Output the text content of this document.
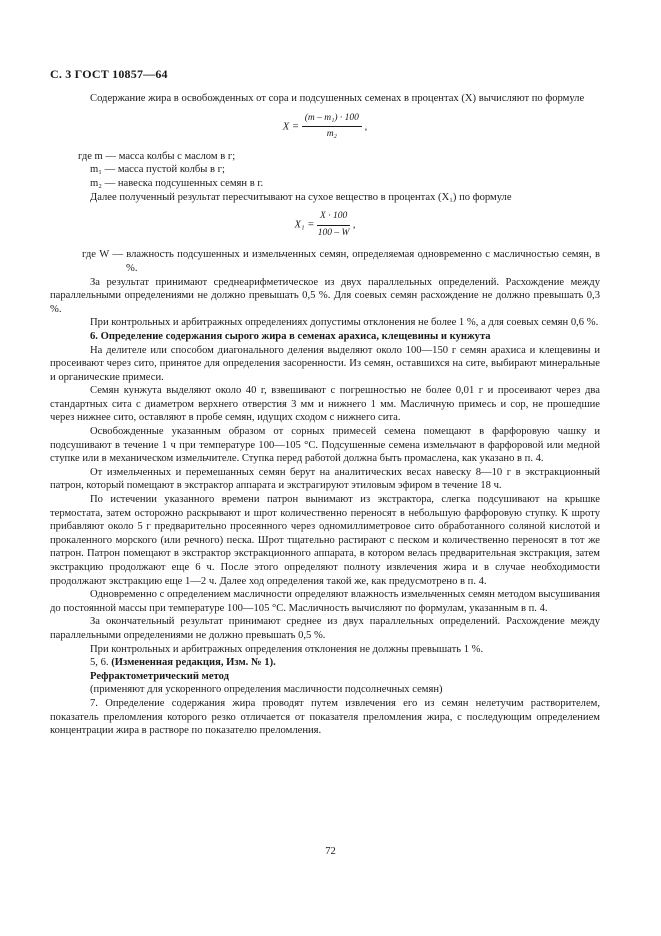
С. 3 ГОСТ 10857—64

Содержание жира в освобожденных от сора и подсушенных семенах в процентах (X) вычисляют по формуле

$X = \frac{\text{(m – m₁) · 100}}{\text{m₂}}$ ,

где m — масса колбы с маслом в г;

m₁ — масса пустой колбы в г;

m₂ — навеска подсушенных семян в г.

Далее полученный результат пересчитывают на сухое вещество в процентах (X₁) по формуле

$X_1 = \frac{X \cdot 100}{100 - W}$ ,

где W — влажность подсушенных и измельченных семян, определяемая одновременно с масличностью семян, в %.

За результат принимают среднеарифметическое из двух параллельных определений. Расхождение между параллельными определениями не должно превышать 0,5 %. Для соевых семян расхождение не должно превышать 0,3 %.

При контрольных и арбитражных определениях допустимы отклонения не более 1 %, а для соевых семян 0,6 %.

6. Определение содержания сырого жира в семенах арахиса, клещевины и кунжута

На делителе или способом диагонального деления выделяют около 100—150 г семян арахиса и клещевины и просеивают через сито, принятое для определения засоренности. Из семян, оставшихся на сите, выбирают минеральные и органические примеси.

Семян кунжута выделяют около 40 г, взвешивают с погрешностью не более 0,01 г и просеивают через два стандартных сита с диаметром верхнего отверстия 3 мм и нижнего 1 мм. Масличную примесь и сор, не прошедшие через нижнее сито, оставляют в пробе семян, идущих сходом с нижнего сита.

Освобожденные указанным образом от сорных примесей семена помещают в фарфоровую чашку и подсушивают в течение 1 ч при температуре 100—105 °С. Подсушенные семена измельчают в фарфоровой или медной ступке или в механическом измельчителе. Ступка перед работой должна быть промаслена, как указано в п. 4.

От измельченных и перемешанных семян берут на аналитических весах навеску 8—10 г в экстракционный патрон, который помещают в экстрактор аппарата и экстрагируют этиловым эфиром в течение 18 ч.

По истечении указанного времени патрон вынимают из экстрактора, слегка подсушивают на крышке термостата, затем осторожно раскрывают и шрот количественно переносят в небольшую фарфоровую ступку. К шроту прибавляют около 5 г предварительно просеянного через одномиллиметровое сито обработанного соляной кислотой и прокаленного морского (или речного) песка. Шрот тщательно растирают с песком и количественно переносят в тот же патрон. Патрон помещают в экстрактор экстракционного аппарата, в котором велась предварительная экстракция, затем экстракцию продолжают еще 6 ч. После этого определяют полноту извлечения жира и в случае необходимости продолжают экстракцию еще 1—2 ч. Далее ход определения такой же, как предусмотрено в п. 4.

Одновременно с определением масличности определяют влажность измельченных семян методом высушивания до постоянной массы при температуре 100—105 °С. Масличность вычисляют по формулам, указанным в п. 4.

За окончательный результат принимают среднее из двух параллельных определений. Расхождение между параллельными определениями не должно превышать 0,5 %.

При контрольных и арбитражных определения отклонения не должны превышать 1 %.

5, 6. (Измененная редакция, Изм. № 1).

Рефрактометрический метод

(применяют для ускоренного определения масличности подсолнечных семян)

7. Определение содержания жира проводят путем извлечения его из семян нелетучим растворителем, показатель преломления которого резко отличается от показателя преломления жира, с последующим определением концентрации жира в растворе по показателю преломления.

72
